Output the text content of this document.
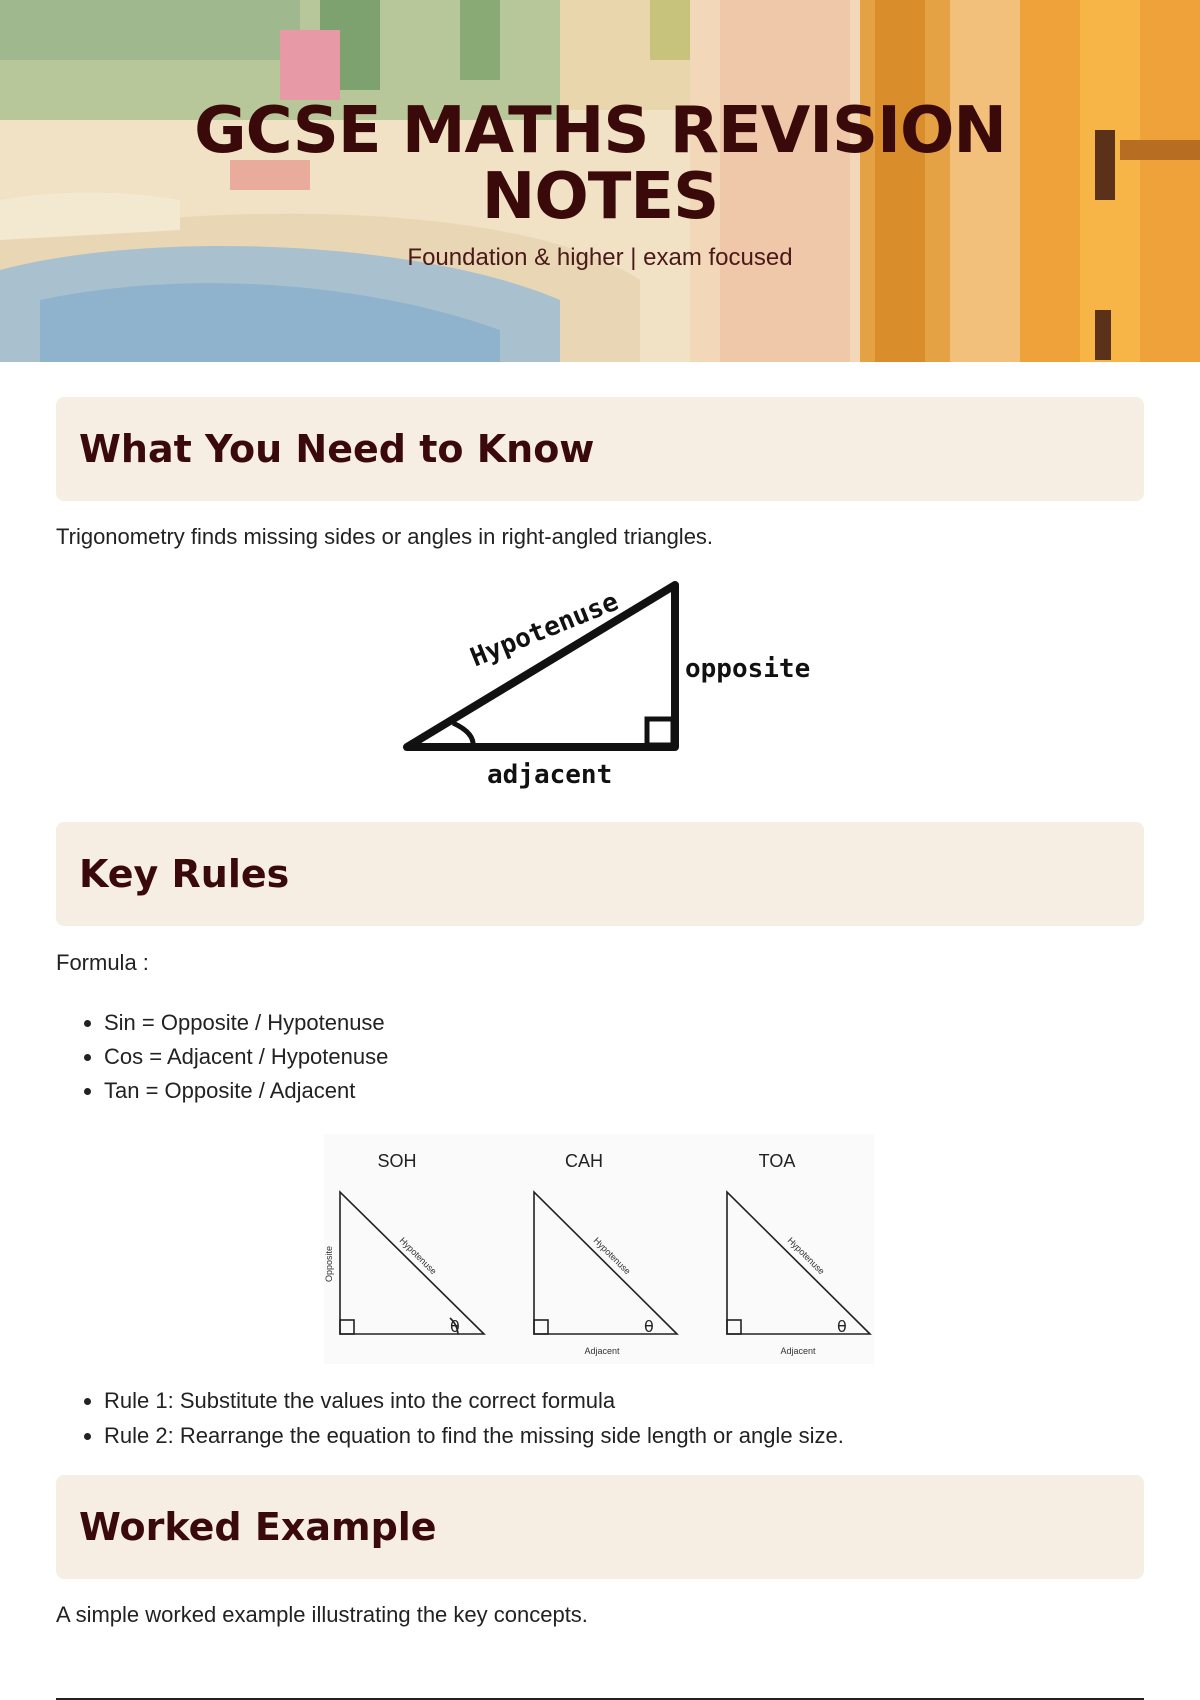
GCSE MATHS REVISION
NOTES
Foundation & higher | exam focused
What You Need to Know
Trigonometry finds missing sides or angles in right-angled triangles.
Hypotenuse opposite
adjacent
Key Rules
Formula :
• Sin = Opposite / Hypotenuse
• Cos = Adjacent / Hypotenuse
• Tan = Opposite / Adjacent
SOH	CAH	TOA
θ	θ	θ
Opposite	Hypotenuse	Hypotenuse	Hypotenuse
Adjacent	Adjacent
• Rule 1: Substitute the values into the correct formula
• Rule 2: Rearrange the equation to find the missing side length or angle size.
Worked Example
A simple worked example illustrating the key concepts.
